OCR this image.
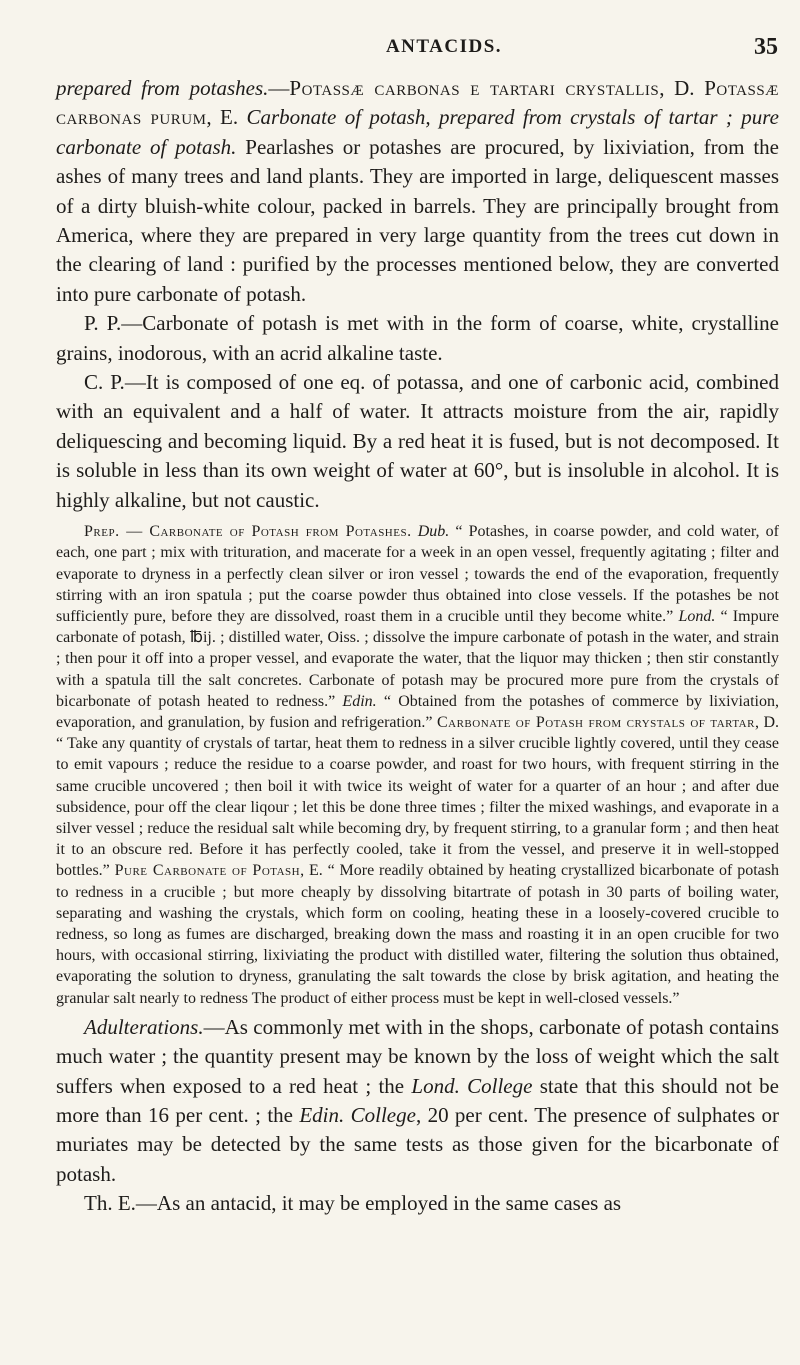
ANTACIDS.	35

prepared from potashes.—Potassæ carbonas e tartari crystallis, D. Potassæ carbonas purum, E. Carbonate of potash, prepared from crystals of tartar ; pure carbonate of potash. Pearlashes or potashes are procured, by lixiviation, from the ashes of many trees and land plants. They are imported in large, deliquescent masses of a dirty bluish-white colour, packed in barrels. They are principally brought from America, where they are prepared in very large quantity from the trees cut down in the clearing of land : purified by the processes mentioned below, they are converted into pure carbonate of potash.

P. P.—Carbonate of potash is met with in the form of coarse, white, crystalline grains, inodorous, with an acrid alkaline taste.

C. P.—It is composed of one eq. of potassa, and one of carbonic acid, combined with an equivalent and a half of water. It attracts moisture from the air, rapidly deliquescing and becoming liquid. By a red heat it is fused, but is not decomposed. It is soluble in less than its own weight of water at 60°, but is insoluble in alcohol. It is highly alkaline, but not caustic.

Prep. — Carbonate of Potash from Potashes. Dub. “ Potashes, in coarse powder, and cold water, of each, one part ; mix with trituration, and macerate for a week in an open vessel, frequently agitating ; filter and evaporate to dryness in a perfectly clean silver or iron vessel ; towards the end of the evaporation, frequently stirring with an iron spatula ; put the coarse powder thus obtained into close vessels. If the potashes be not sufficiently pure, before they are dissolved, roast them in a crucible until they become white.” Lond. “ Impure carbonate of potash, ℔ij. ; distilled water, Oiss. ; dissolve the impure carbonate of potash in the water, and strain ; then pour it off into a proper vessel, and evaporate the water, that the liquor may thicken ; then stir constantly with a spatula till the salt concretes. Carbonate of potash may be procured more pure from the crystals of bicarbonate of potash heated to redness.” Edin. “ Obtained from the potashes of commerce by lixiviation, evaporation, and granulation, by fusion and refrigeration.” Carbonate of Potash from crystals of tartar, D. “ Take any quantity of crystals of tartar, heat them to redness in a silver crucible lightly covered, until they cease to emit vapours ; reduce the residue to a coarse powder, and roast for two hours, with frequent stirring in the same crucible uncovered ; then boil it with twice its weight of water for a quarter of an hour ; and after due subsidence, pour off the clear liqour ; let this be done three times ; filter the mixed washings, and evaporate in a silver vessel ; reduce the residual salt while becoming dry, by frequent stirring, to a granular form ; and then heat it to an obscure red. Before it has perfectly cooled, take it from the vessel, and preserve it in well-stopped bottles.” Pure Carbonate of Potash, E. “ More readily obtained by heating crystallized bicarbonate of potash to redness in a crucible ; but more cheaply by dissolving bitartrate of potash in 30 parts of boiling water, separating and washing the crystals, which form on cooling, heating these in a loosely-covered crucible to redness, so long as fumes are discharged, breaking down the mass and roasting it in an open crucible for two hours, with occasional stirring, lixiviating the product with distilled water, filtering the solution thus obtained, evaporating the solution to dryness, granulating the salt towards the close by brisk agitation, and heating the granular salt nearly to redness The product of either process must be kept in well-closed vessels.”

Adulterations.—As commonly met with in the shops, carbonate of potash contains much water ; the quantity present may be known by the loss of weight which the salt suffers when exposed to a red heat ; the Lond. College state that this should not be more than 16 per cent. ; the Edin. College, 20 per cent. The presence of sulphates or muriates may be detected by the same tests as those given for the bicarbonate of potash.

Th. E.—As an antacid, it may be employed in the same cases as
